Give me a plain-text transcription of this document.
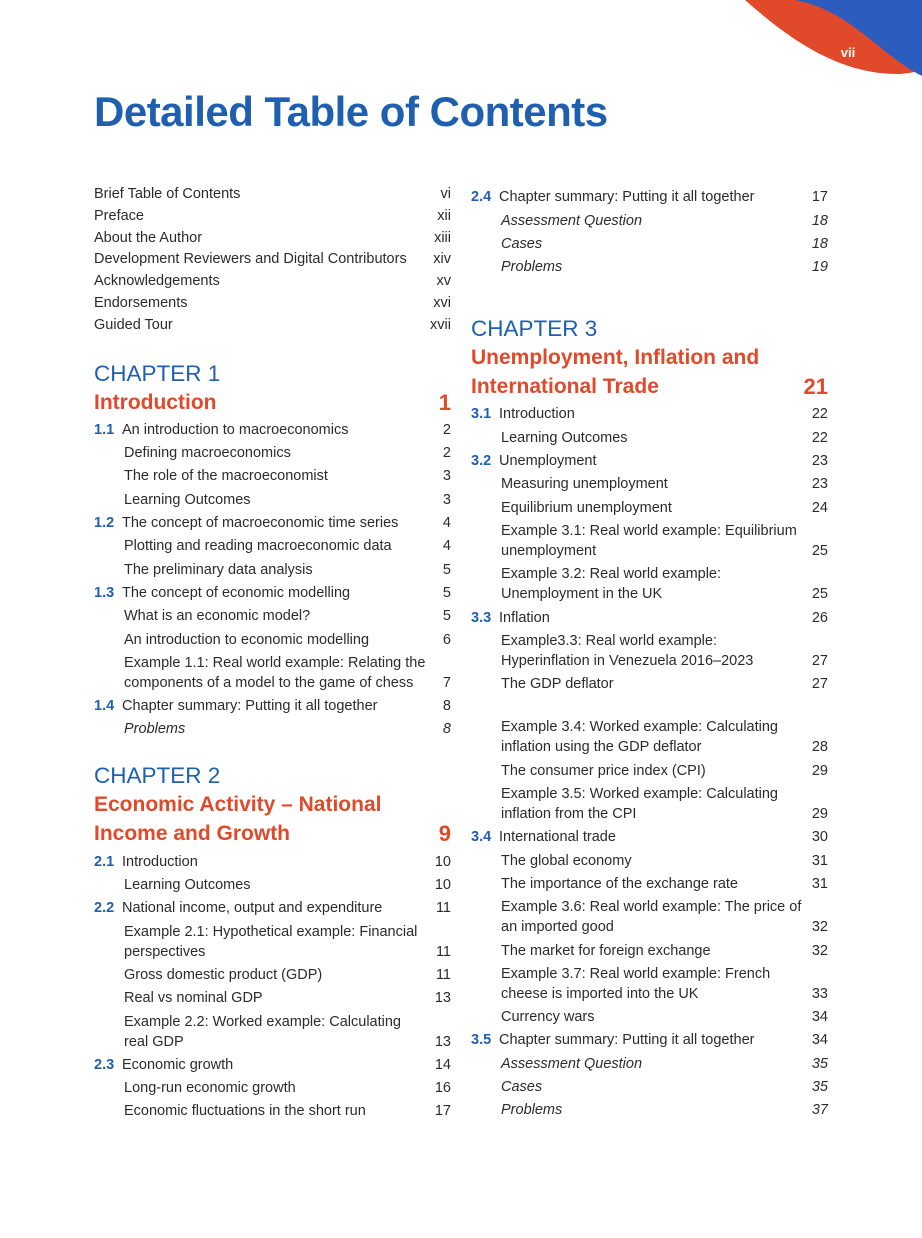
vii
Detailed Table of Contents
Brief Table of Contents	vi
Preface	xii
About the Author	xiii
Development Reviewers and Digital Contributors	xiv
Acknowledgements	xv
Endorsements	xvi
Guided Tour	xvii
CHAPTER 1
Introduction	1
1.1 An introduction to macroeconomics	2
Defining macroeconomics	2
The role of the macroeconomist	3
Learning Outcomes	3
1.2 The concept of macroeconomic time series	4
Plotting and reading macroeconomic data	4
The preliminary data analysis	5
1.3 The concept of economic modelling	5
What is an economic model?	5
An introduction to economic modelling	6
Example 1.1: Real world example: Relating the components of a model to the game of chess	7
1.4 Chapter summary: Putting it all together	8
Problems	8
CHAPTER 2
Economic Activity – National Income and Growth	9
2.1 Introduction	10
Learning Outcomes	10
2.2 National income, output and expenditure	11
Example 2.1: Hypothetical example: Financial perspectives	11
Gross domestic product (GDP)	11
Real vs nominal GDP	13
Example 2.2: Worked example: Calculating real GDP	13
2.3 Economic growth	14
Long-run economic growth	16
Economic fluctuations in the short run	17
2.4 Chapter summary: Putting it all together	17
Assessment Question	18
Cases	18
Problems	19
CHAPTER 3
Unemployment, Inflation and International Trade	21
3.1 Introduction	22
Learning Outcomes	22
3.2 Unemployment	23
Measuring unemployment	23
Equilibrium unemployment	24
Example 3.1: Real world example: Equilibrium unemployment	25
Example 3.2: Real world example: Unemployment in the UK	25
3.3 Inflation	26
Example3.3: Real world example: Hyperinflation in Venezuela 2016–2023	27
The GDP deflator	27
Example 3.4: Worked example: Calculating inflation using the GDP deflator	28
The consumer price index (CPI)	29
Example 3.5: Worked example: Calculating inflation from the CPI	29
3.4 International trade	30
The global economy	31
The importance of the exchange rate	31
Example 3.6: Real world example: The price of an imported good	32
The market for foreign exchange	32
Example 3.7: Real world example: French cheese is imported into the UK	33
Currency wars	34
3.5 Chapter summary: Putting it all together	34
Assessment Question	35
Cases	35
Problems	37
